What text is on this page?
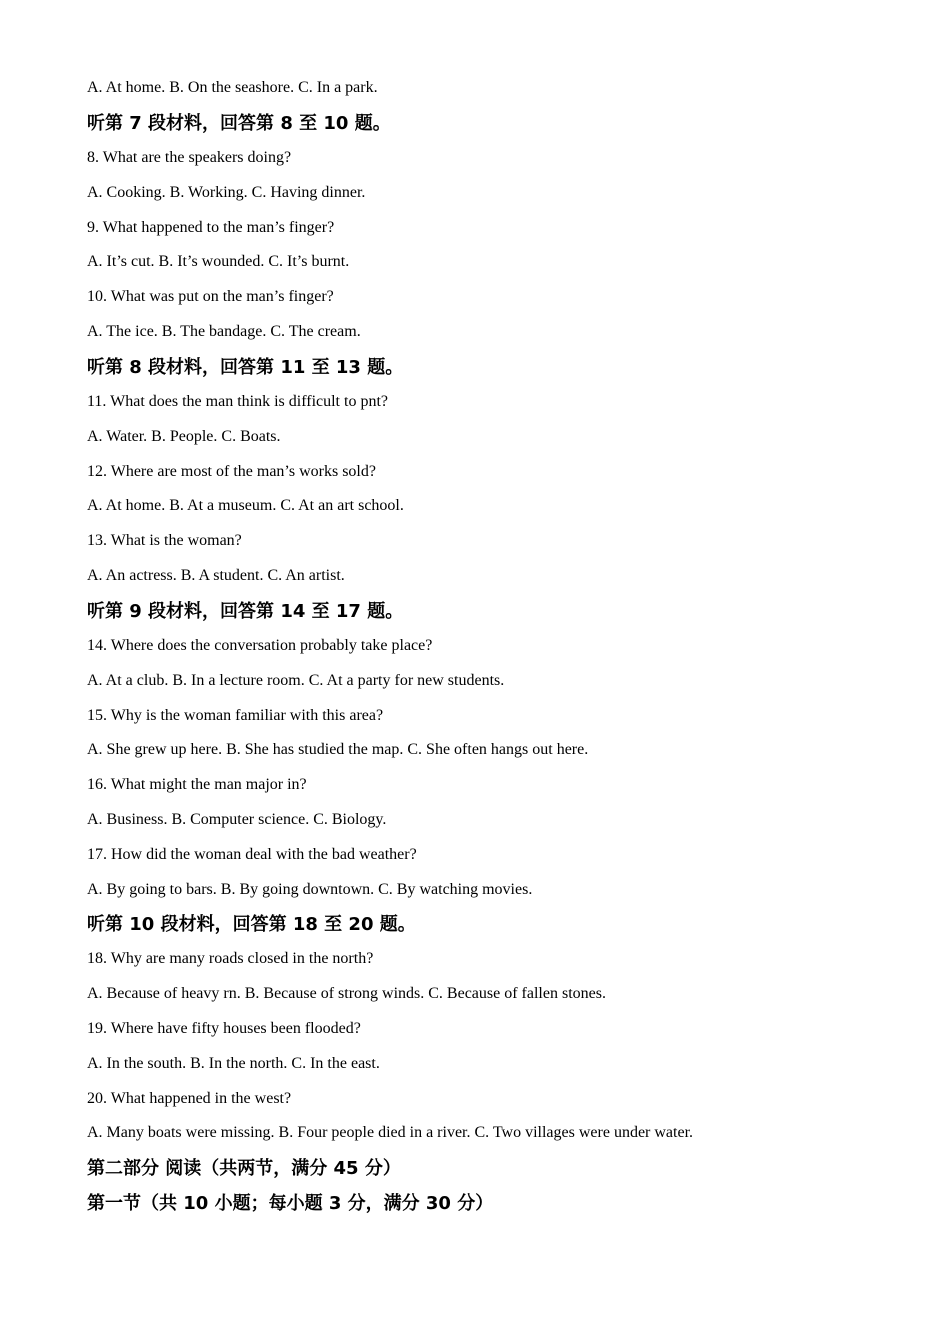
A. At home. B. On the seashore. C. In a park.
听第 7 段材料，回答第 8 至 10 题。
8. What are the speakers doing?
A. Cooking. B. Working. C. Having dinner.
9. What happened to the man’s finger?
A. It’s cut. B. It’s wounded. C. It’s burnt.
10. What was put on the man’s finger?
A. The ice. B. The bandage. C. The cream.
听第 8 段材料，回答第 11 至 13 题。
11. What does the man think is difficult to pnt?
A. Water. B. People. C. Boats.
12. Where are most of the man’s works sold?
A. At home. B. At a museum. C. At an art school.
13. What is the woman?
A. An actress. B. A student. C. An artist.
听第 9 段材料，回答第 14 至 17 题。
14. Where does the conversation probably take place?
A. At a club. B. In a lecture room. C. At a party for new students.
15. Why is the woman familiar with this area?
A. She grew up here. B. She has studied the map. C. She often hangs out here.
16. What might the man major in?
A. Business. B. Computer science. C. Biology.
17. How did the woman deal with the bad weather?
A. By going to bars. B. By going downtown. C. By watching movies.
听第 10 段材料，回答第 18 至 20 题。
18. Why are many roads closed in the north?
A. Because of heavy rn. B. Because of strong winds. C. Because of fallen stones.
19. Where have fifty houses been flooded?
A. In the south. B. In the north. C. In the east.
20. What happened in the west?
A. Many boats were missing. B. Four people died in a river. C. Two villages were under water.
第二部分 阅读（共两节，满分 45 分）
第一节（共 10 小题；每小题 3 分，满分 30 分）
